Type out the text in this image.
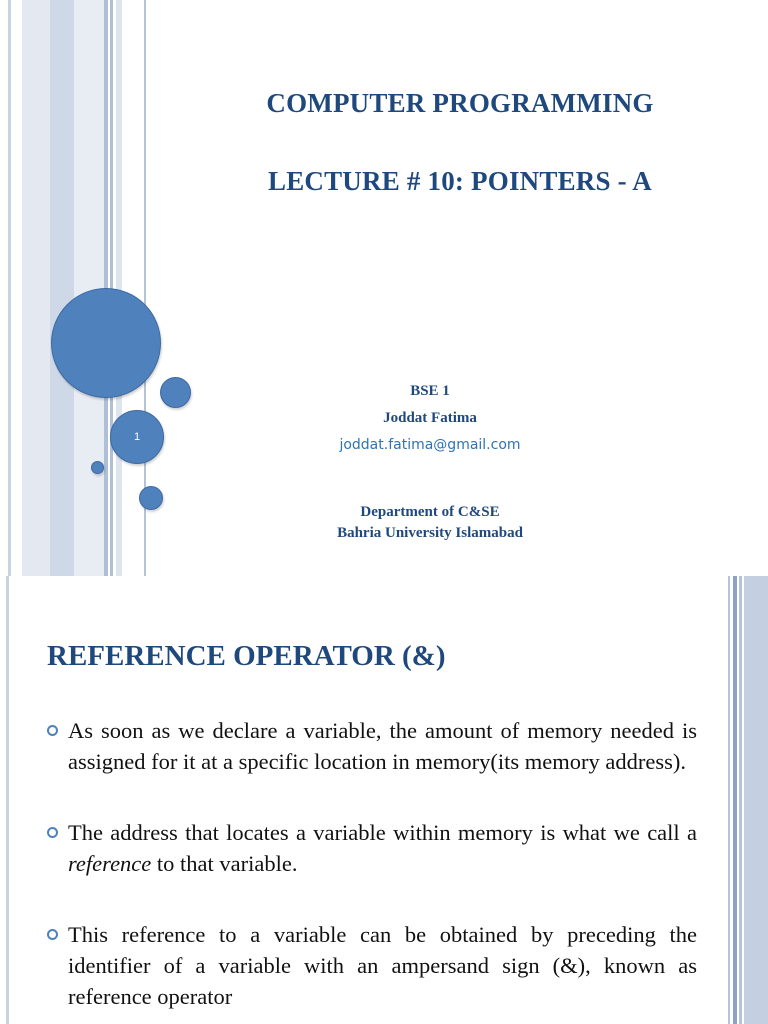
1
COMPUTER PROGRAMMING
LECTURE # 10: POINTERS - A
BSE 1
Joddat Fatima
joddat.fatima@gmail.com
Department of C&SE
Bahria University Islamabad
REFERENCE OPERATOR (&)
As soon as we declare a variable, the amount of memory needed is assigned for it at a specific location in memory(its memory address).
The address that locates a variable within memory is what we call a reference to that variable.
This reference to a variable can be obtained by preceding the identifier of a variable with an ampersand sign (&), known as reference operator
